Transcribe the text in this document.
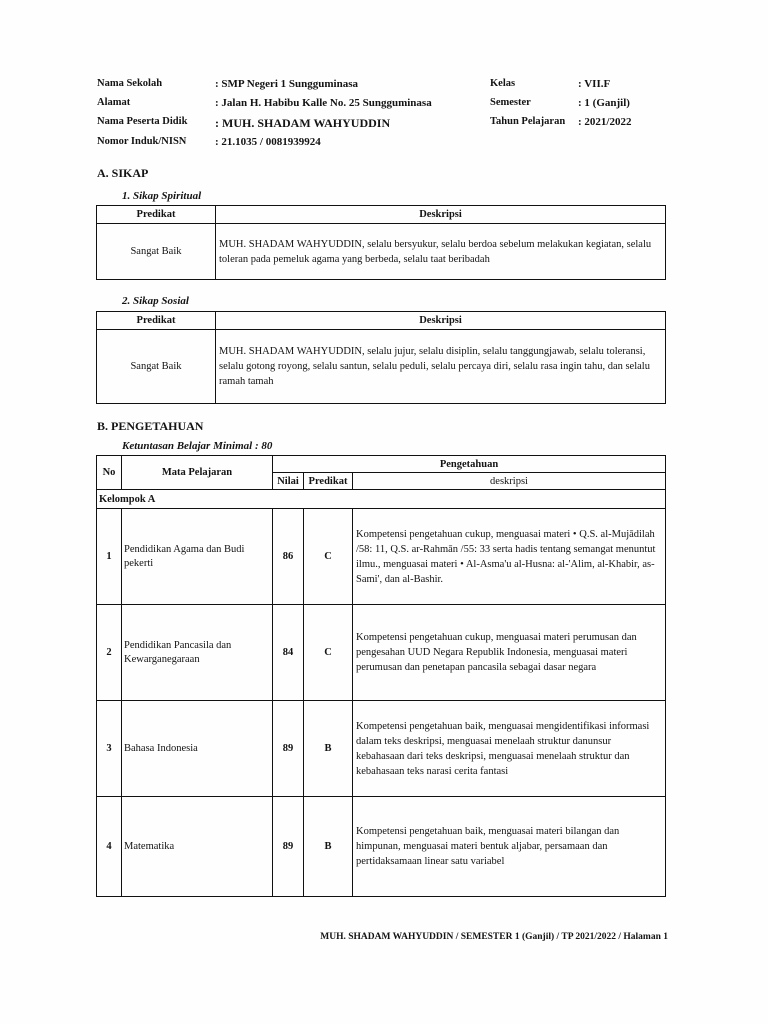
Nama Sekolah	: SMP Negeri 1 Sungguminasa	Kelas	: VII.F
Alamat	: Jalan H. Habibu Kalle No. 25 Sungguminasa	Semester	: 1 (Ganjil)
Nama Peserta Didik : MUH. SHADAM WAHYUDDIN	Tahun Pelajaran : 2021/2022
Nomor Induk/NISN	: 21.1035 / 0081939924
A. SIKAP
1. Sikap Spiritual
Predikat	Deskripsi
Sangat Baik	MUH. SHADAM WAHYUDDIN, selalu bersyukur, selalu berdoa sebelum melakukan kegiatan, selalu toleran pada pemeluk agama yang berbeda, selalu taat beribadah
2. Sikap Sosial
Predikat	Deskripsi
Sangat Baik	MUH. SHADAM WAHYUDDIN, selalu jujur, selalu disiplin, selalu tanggungjawab, selalu toleransi, selalu gotong royong, selalu santun, selalu peduli, selalu percaya diri, selalu rasa ingin tahu, dan selalu ramah tamah
B. PENGETAHUAN
Ketuntasan Belajar Minimal : 80
No	Mata Pelajaran	Pengetahuan		
		Nilai	Predikat	deskripsi
Kelompok A				
1	Pendidikan Agama dan Budi pekerti	86	C	Kompetensi pengetahuan cukup, menguasai materi • Q.S. al-Mujādilah /58: 11, Q.S. ar-Rahmān /55: 33 serta hadis tentang semangat menuntut ilmu., menguasai materi • Al-Asma'u al-Husna: al-'Alim, al-Khabir, as-Sami', dan al-Bashir.
2	Pendidikan Pancasila dan Kewarganegaraan	84	C	Kompetensi pengetahuan cukup, menguasai materi perumusan dan pengesahan UUD Negara Republik Indonesia, menguasai materi perumusan dan penetapan pancasila sebagai dasar negara
3	Bahasa Indonesia	89	B	Kompetensi pengetahuan baik, menguasai mengidentifikasi informasi dalam teks deskripsi, menguasai menelaah struktur danunsur kebahasaan dari teks deskripsi, menguasai menelaah struktur dan kebahasaan teks narasi cerita fantasi
4	Matematika	89	B	Kompetensi pengetahuan baik, menguasai materi bilangan dan himpunan, menguasai materi bentuk aljabar, persamaan dan pertidaksamaan linear satu variabel
MUH. SHADAM WAHYUDDIN / SEMESTER 1 (Ganjil) / TP 2021/2022 / Halaman 1
